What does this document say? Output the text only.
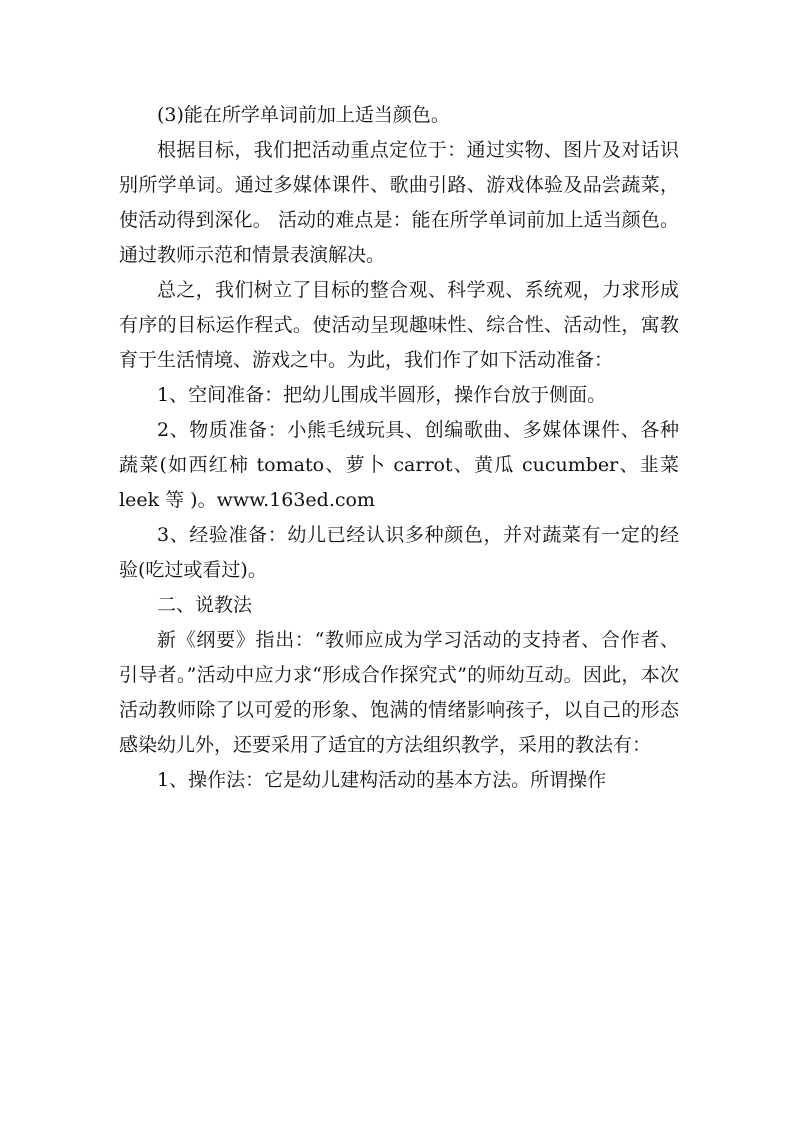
(3)能在所学单词前加上适当颜色。

根据目标，我们把活动重点定位于：通过实物、图片及对话识别所学单词。通过多媒体课件、歌曲引路、游戏体验及品尝蔬菜，使活动得到深化。 活动的难点是：能在所学单词前加上适当颜色。通过教师示范和情景表演解决。

总之，我们树立了目标的整合观、科学观、系统观，力求形成有序的目标运作程式。使活动呈现趣味性、综合性、活动性，寓教育于生活情境、游戏之中。为此，我们作了如下活动准备：

1、空间准备：把幼儿围成半圆形，操作台放于侧面。

2、物质准备：小熊毛绒玩具、创编歌曲、多媒体课件、各种蔬菜(如西红柿 tomato、萝卜 carrot、黄瓜 cucumber、韭菜 leek 等 )。www.163ed.com

3、经验准备：幼儿已经认识多种颜色，并对蔬菜有一定的经验(吃过或看过)。

二、说教法

新《纲要》指出：“教师应成为学习活动的支持者、合作者、引导者。”活动中应力求“形成合作探究式”的师幼互动。因此，本次活动教师除了以可爱的形象、饱满的情绪影响孩子，以自己的形态感染幼儿外，还要采用了适宜的方法组织教学，采用的教法有：

1、操作法：它是幼儿建构活动的基本方法。所谓操作
